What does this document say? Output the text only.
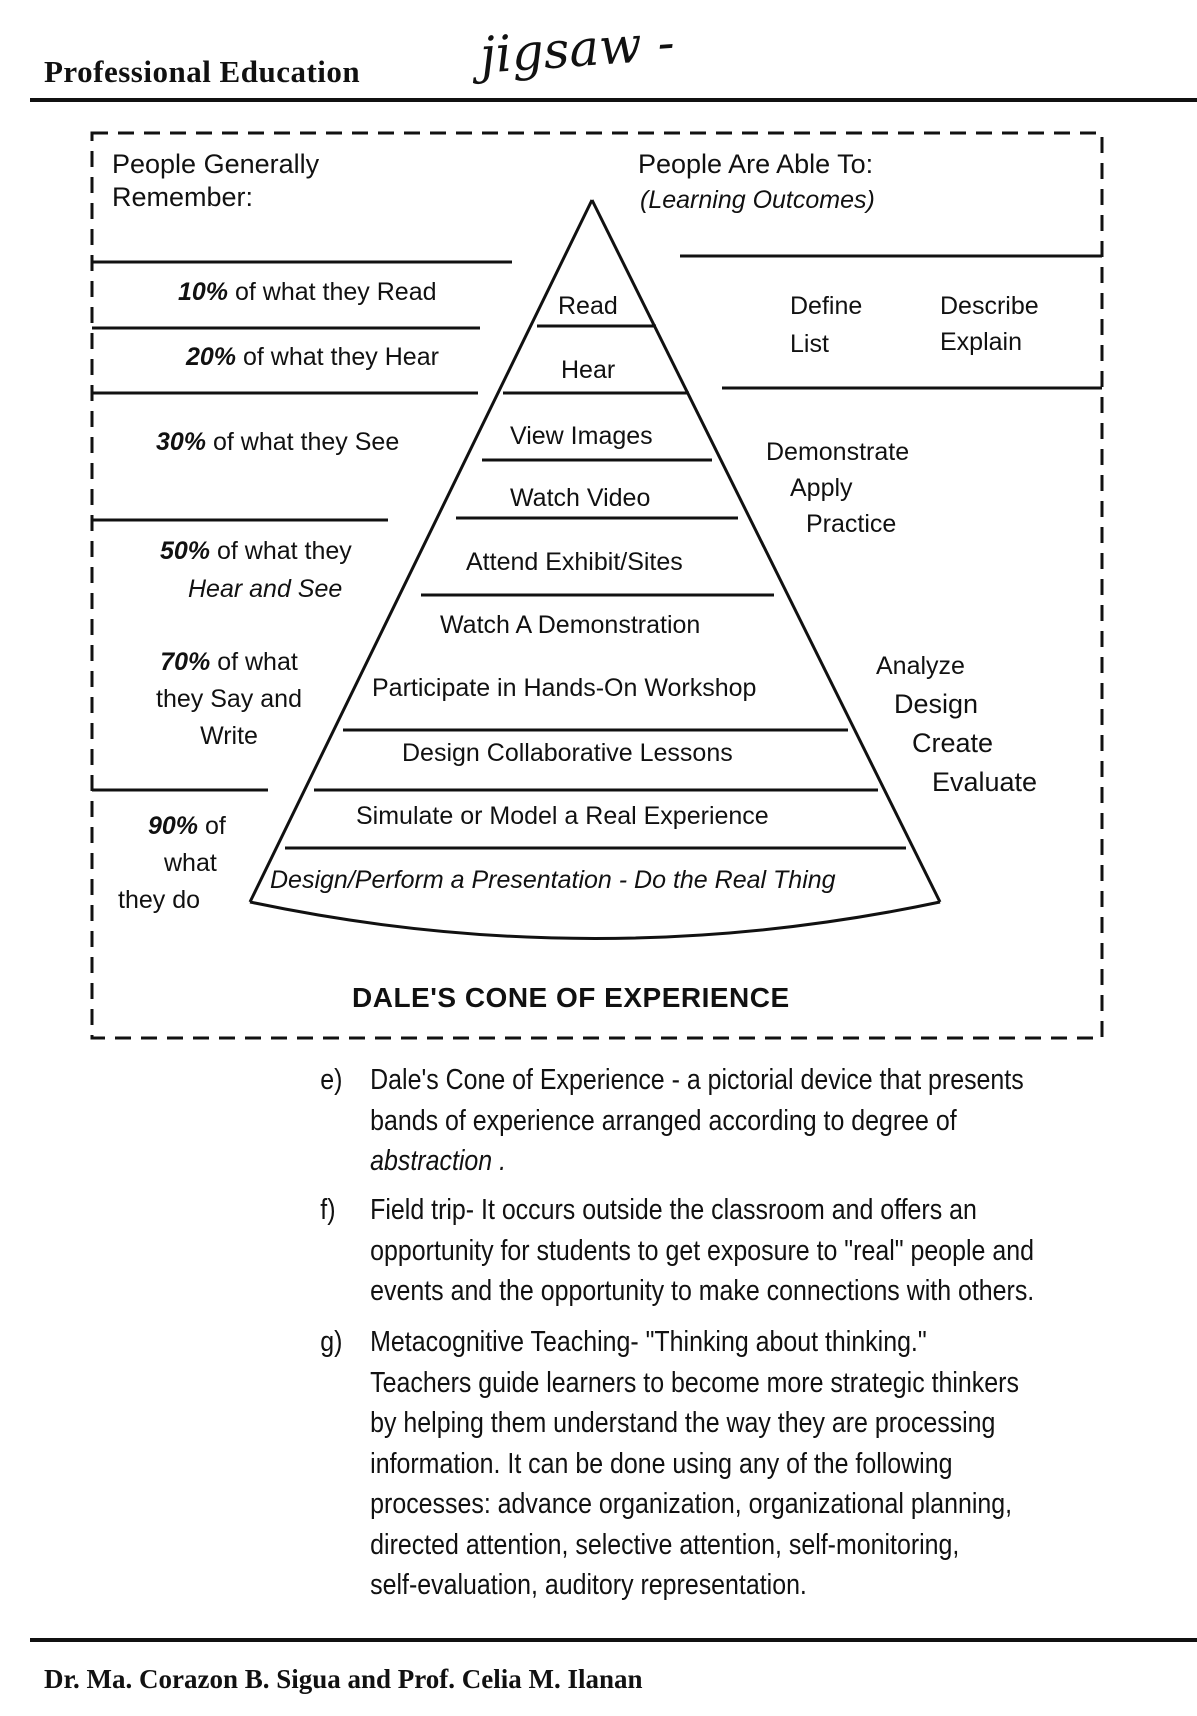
Professional Education jigsaw -
People Generally
Remember:
People Are Able To:
(Learning Outcomes)
10% of what they Read
20% of what they Hear
30% of what they See
50% of what they
Hear and See
70% of what
they Say and
Write
90% of
what
they do
Read
Hear
View Images
Watch Video
Attend Exhibit/Sites
Watch A Demonstration
Participate in Hands-On Workshop
Design Collaborative Lessons
Simulate or Model a Real Experience
Design/Perform a Presentation - Do the Real Thing
Define
List
Describe
Explain
Demonstrate
Apply
Practice
Analyze
Design
Create
Evaluate
DALE'S CONE OF EXPERIENCE
e) Dale's Cone of Experience - a pictorial device that presents
bands of experience arranged according to degree of
abstraction .
f) Field trip- It occurs outside the classroom and offers an
opportunity for students to get exposure to "real" people and
events and the opportunity to make connections with others.
g) Metacognitive Teaching- "Thinking about thinking."
Teachers guide learners to become more strategic thinkers
by helping them understand the way they are processing
information. It can be done using any of the following
processes: advance organization, organizational planning,
directed attention, selective attention, self-monitoring,
self-evaluation, auditory representation.
Dr. Ma. Corazon B. Sigua and Prof. Celia M. Ilanan
